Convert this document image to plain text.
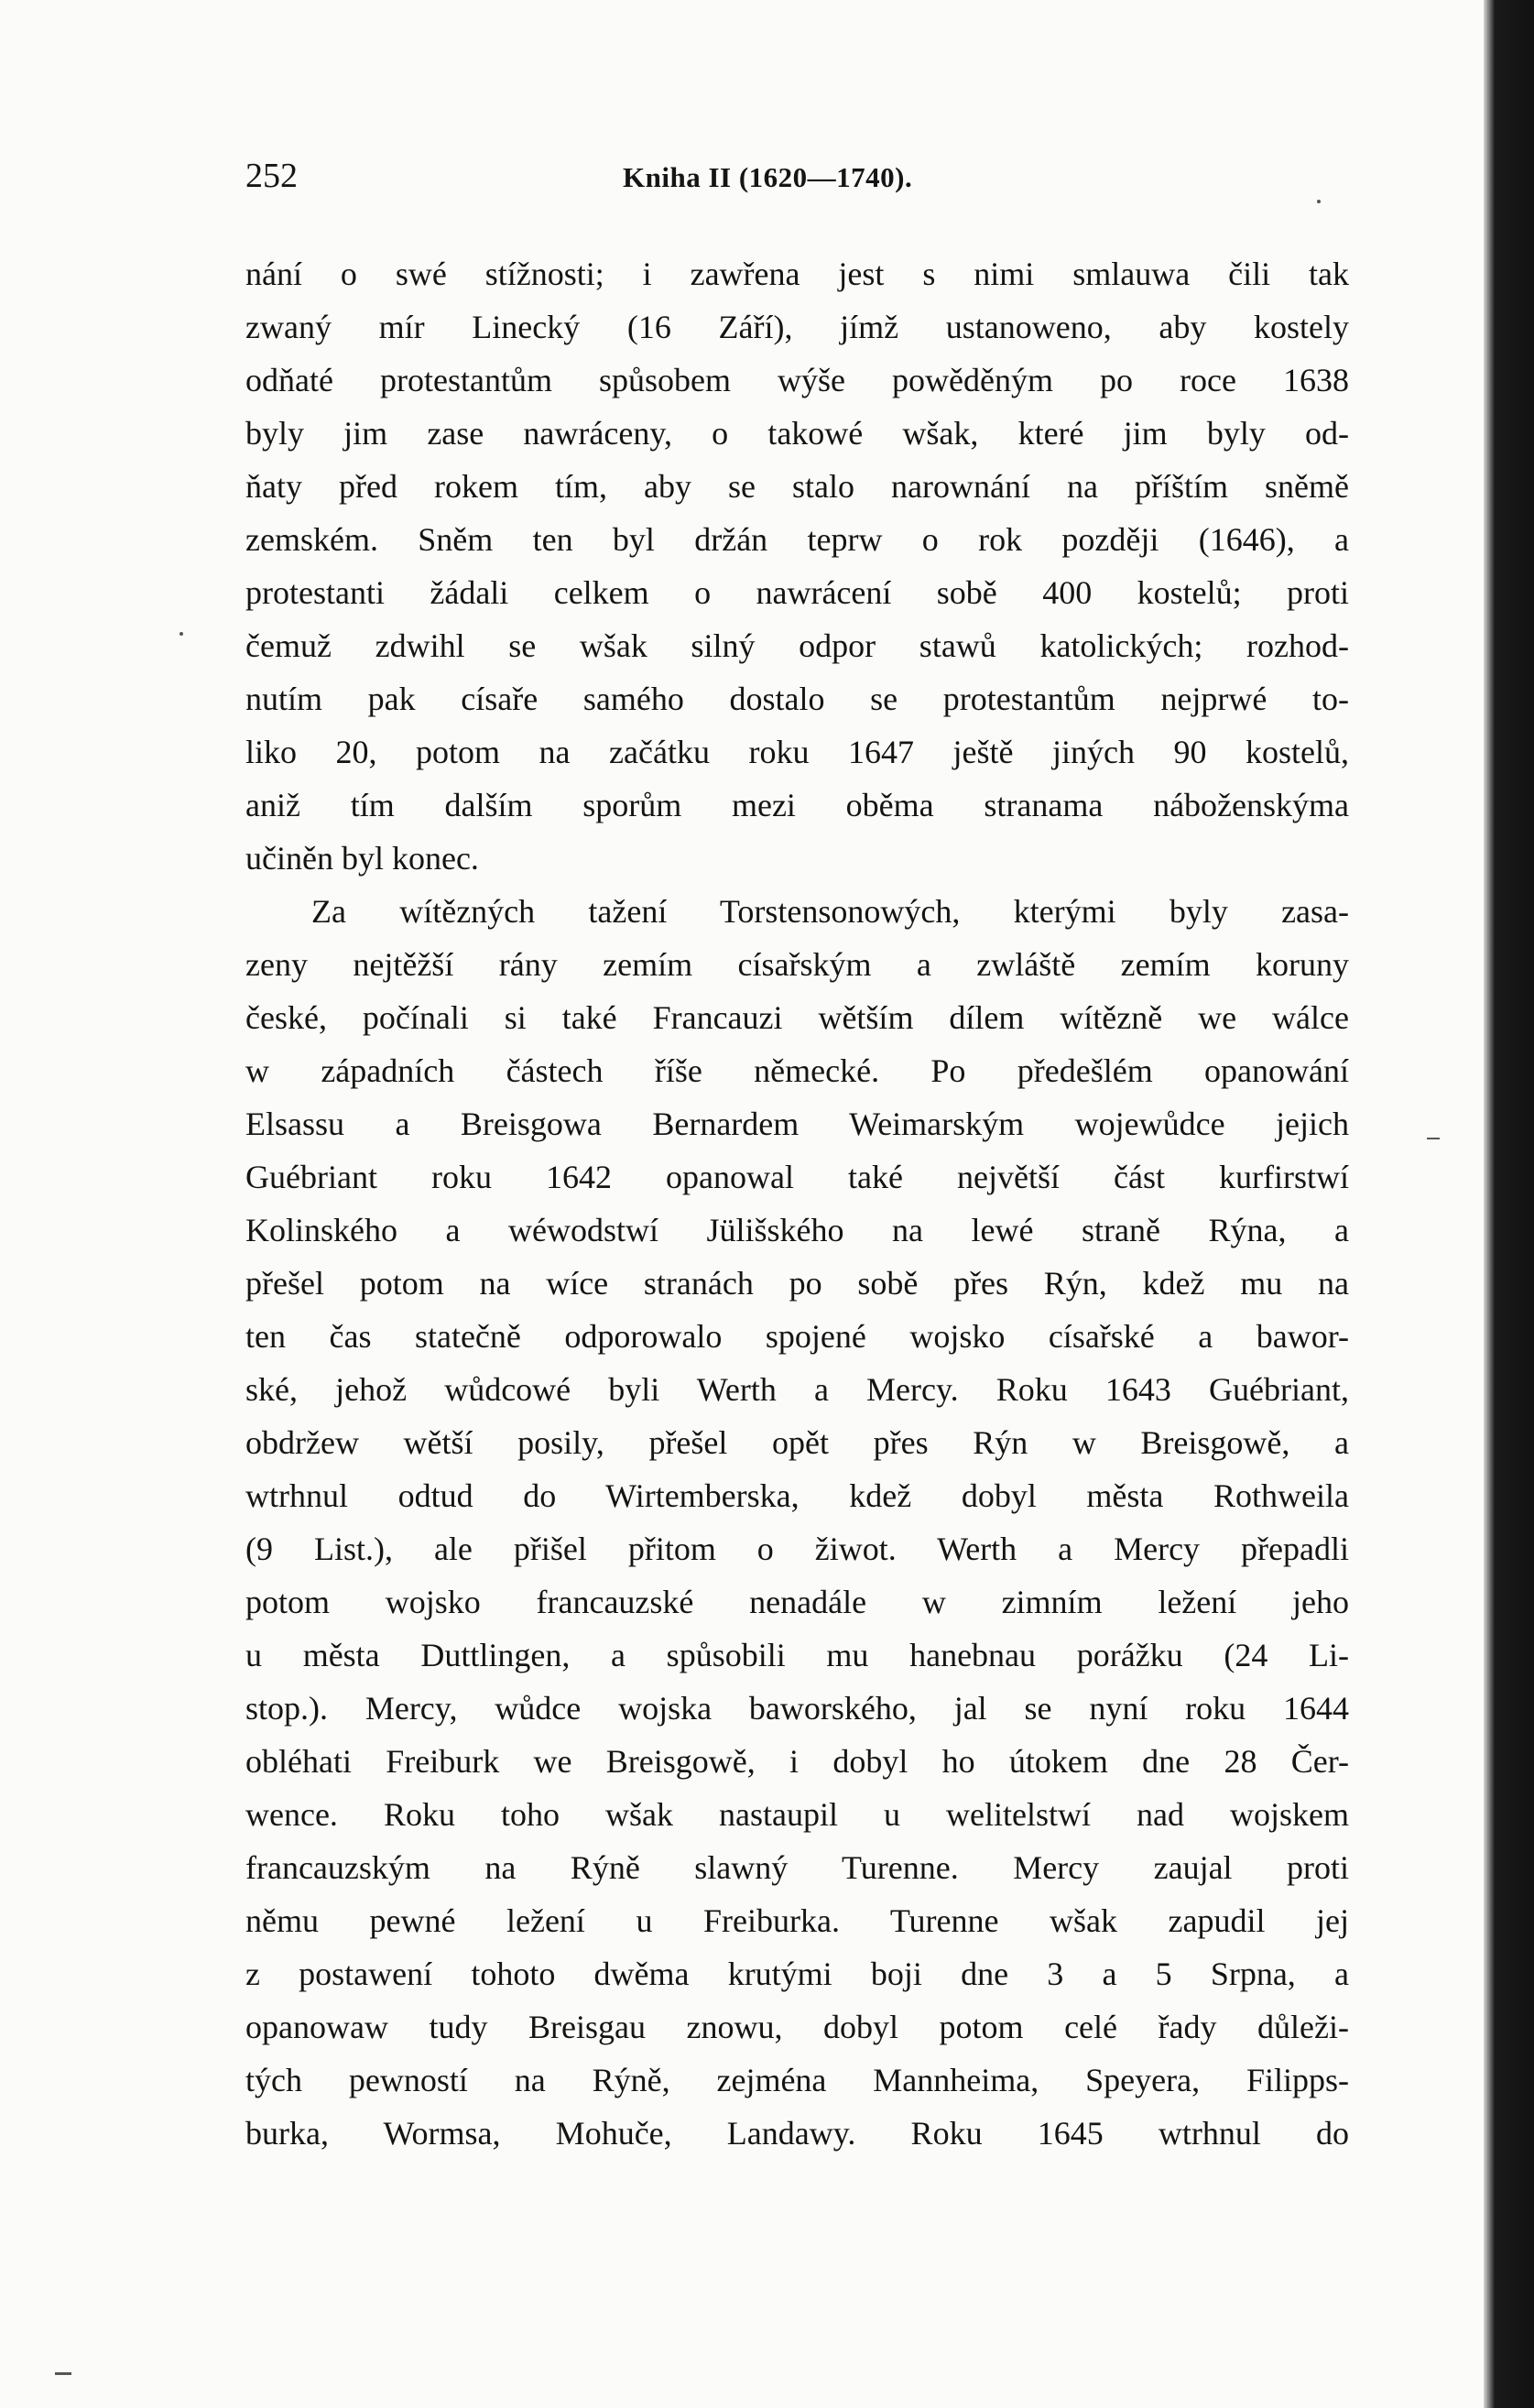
252	Kniha II (1620—1740).
nání o swé stížnosti; i zawřena jest s nimi smlauwa čili tak
zwaný mír Linecký (16 Září), jímž ustanoweno, aby kostely
odňaté protestantům spůsobem wýše powěděným po roce 1638
byly jim zase nawráceny, o takowé wšak, které jim byly od-
ňaty před rokem tím, aby se stalo narownání na příštím sněmě
zemském. Sněm ten byl držán teprw o rok později (1646), a
protestanti žádali celkem o nawrácení sobě 400 kostelů; proti
čemuž zdwihl se wšak silný odpor stawů katolických; rozhod-
nutím pak císaře samého dostalo se protestantům nejprwé to-
liko 20, potom na začátku roku 1647 ještě jiných 90 kostelů,
aniž tím dalším sporům mezi oběma stranama náboženskýma
učiněn byl konec.
Za wítězných tažení Torstensonowých, kterými byly zasa-
zeny nejtěžší rány zemím císařským a zwláště zemím koruny
české, počínali si také Francauzi wětším dílem wítězně we wálce
w západních částech říše německé. Po předešlém opanowání
Elsassu a Breisgowa Bernardem Weimarským wojewůdce jejich
Guébriant roku 1642 opanowal také největší část kurfirstwí
Kolinského a wéwodstwí Jülišského na lewé straně Rýna, a
přešel potom na wíce stranách po sobě přes Rýn, kdež mu na
ten čas statečně odporowalo spojené wojsko císařské a bawor-
ské, jehož wůdcowé byli Werth a Mercy. Roku 1643 Guébriant,
obdržew wětší posily, přešel opět přes Rýn w Breisgowě, a
wtrhnul odtud do Wirtemberska, kdež dobyl města Rothweila
(9 List.), ale přišel přitom o žiwot. Werth a Mercy přepadli
potom wojsko francauzské nenadále w zimním ležení jeho
u města Duttlingen, a spůsobili mu hanebnau porážku (24 Li-
stop.). Mercy, wůdce wojska baworského, jal se nyní roku 1644
obléhati Freiburk we Breisgowě, i dobyl ho útokem dne 28 Čer-
wence. Roku toho wšak nastaupil u welitelstwí nad wojskem
francauzským na Rýně slawný Turenne. Mercy zaujal proti
němu pewné ležení u Freiburka. Turenne wšak zapudil jej
z postawení tohoto dwěma krutými boji dne 3 a 5 Srpna, a
opanowaw tudy Breisgau znowu, dobyl potom celé řady důleži-
tých pewností na Rýně, zejména Mannheima, Speyera, Filipps-
burka, Wormsa, Mohuče, Landawy. Roku 1645 wtrhnul do
